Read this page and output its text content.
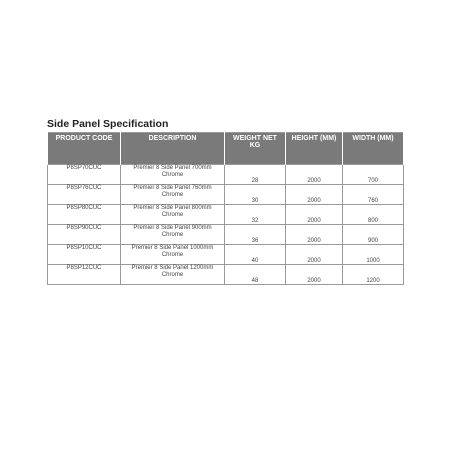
Side Panel Specification
PRODUCT CODE	DESCRIPTION	WEIGHT NET KG	HEIGHT (MM)	WIDTH (MM)
P8SP70CUC	Premier 8 Side Panel 700mm Chrome	28	2000	700
P8SP76CUC	Premier 8 Side Panel 760mm Chrome	30	2000	760
P8SP80CUC	Premier 8 Side Panel 800mm Chrome	32	2000	800
P8SP90CUC	Premier 8 Side Panel 900mm Chrome	36	2000	900
P8SP10CUC	Premier 8 Side Panel 1000mm Chrome	40	2000	1000
P8SP12CUC	Premier 8 Side Panel 1200mm Chrome	48	2000	1200
